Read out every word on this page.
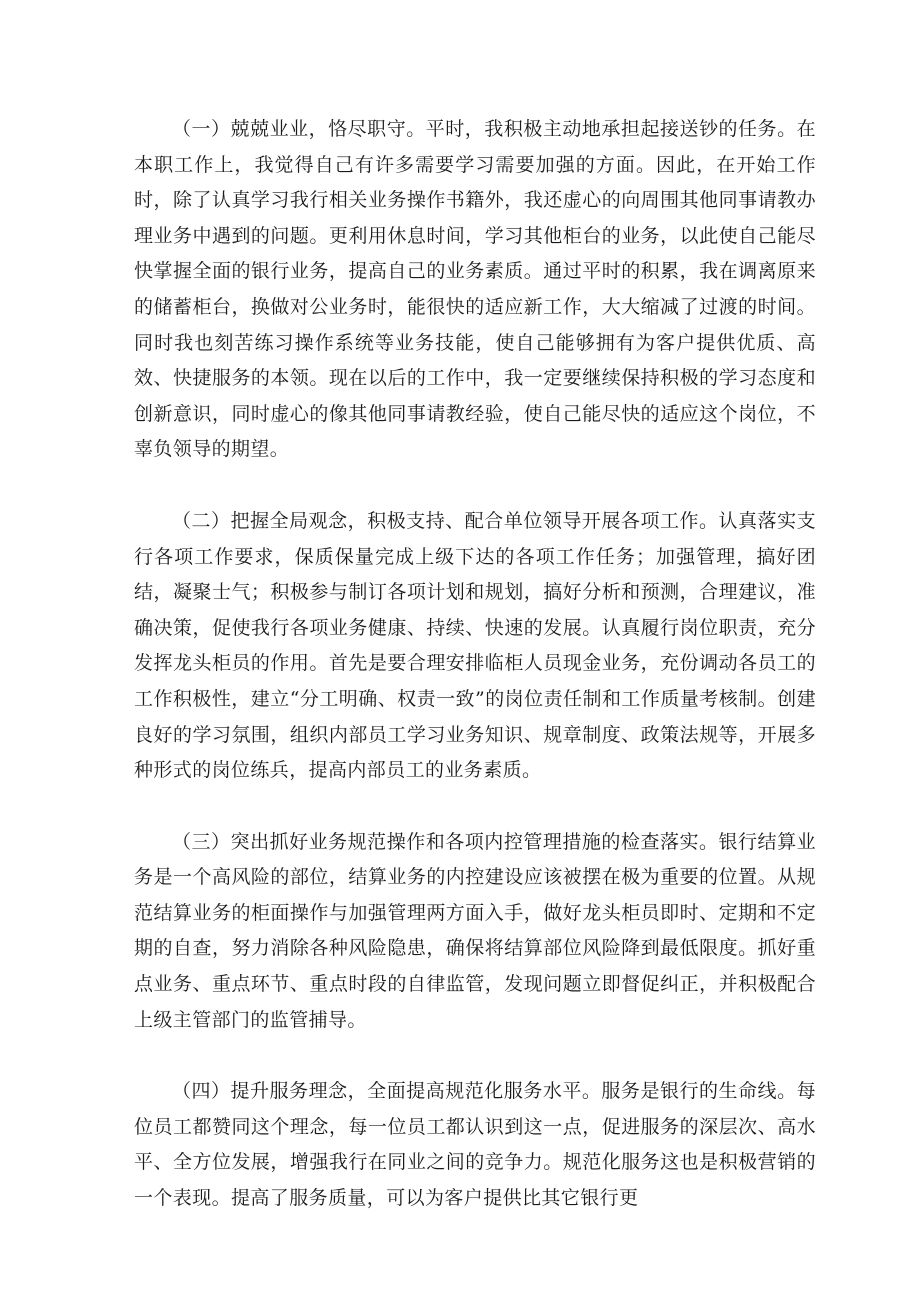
（一）兢兢业业，恪尽职守。平时，我积极主动地承担起接送钞的任务。在本职工作上，我觉得自己有许多需要学习需要加强的方面。因此，在开始工作时，除了认真学习我行相关业务操作书籍外，我还虚心的向周围其他同事请教办理业务中遇到的问题。更利用休息时间，学习其他柜台的业务，以此使自己能尽快掌握全面的银行业务，提高自己的业务素质。通过平时的积累，我在调离原来的储蓄柜台，换做对公业务时，能很快的适应新工作，大大缩减了过渡的时间。同时我也刻苦练习操作系统等业务技能，使自己能够拥有为客户提供优质、高效、快捷服务的本领。现在以后的工作中，我一定要继续保持积极的学习态度和创新意识，同时虚心的像其他同事请教经验，使自己能尽快的适应这个岗位，不辜负领导的期望。

（二）把握全局观念，积极支持、配合单位领导开展各项工作。认真落实支行各项工作要求，保质保量完成上级下达的各项工作任务；加强管理，搞好团结，凝聚士气；积极参与制订各项计划和规划，搞好分析和预测，合理建议，准确决策，促使我行各项业务健康、持续、快速的发展。认真履行岗位职责，充分发挥龙头柜员的作用。首先是要合理安排临柜人员现金业务，充份调动各员工的工作积极性，建立“分工明确、权责一致”的岗位责任制和工作质量考核制。创建良好的学习氛围，组织内部员工学习业务知识、规章制度、政策法规等，开展多种形式的岗位练兵，提高内部员工的业务素质。

（三）突出抓好业务规范操作和各项内控管理措施的检查落实。银行结算业务是一个高风险的部位，结算业务的内控建设应该被摆在极为重要的位置。从规范结算业务的柜面操作与加强管理两方面入手，做好龙头柜员即时、定期和不定期的自查，努力消除各种风险隐患，确保将结算部位风险降到最低限度。抓好重点业务、重点环节、重点时段的自律监管，发现问题立即督促纠正，并积极配合上级主管部门的监管捕导。

（四）提升服务理念，全面提高规范化服务水平。服务是银行的生命线。每位员工都赞同这个理念，每一位员工都认识到这一点，促进服务的深层次、高水平、全方位发展，增强我行在同业之间的竞争力。规范化服务这也是积极营销的一个表现。提高了服务质量，可以为客户提供比其它银行更
